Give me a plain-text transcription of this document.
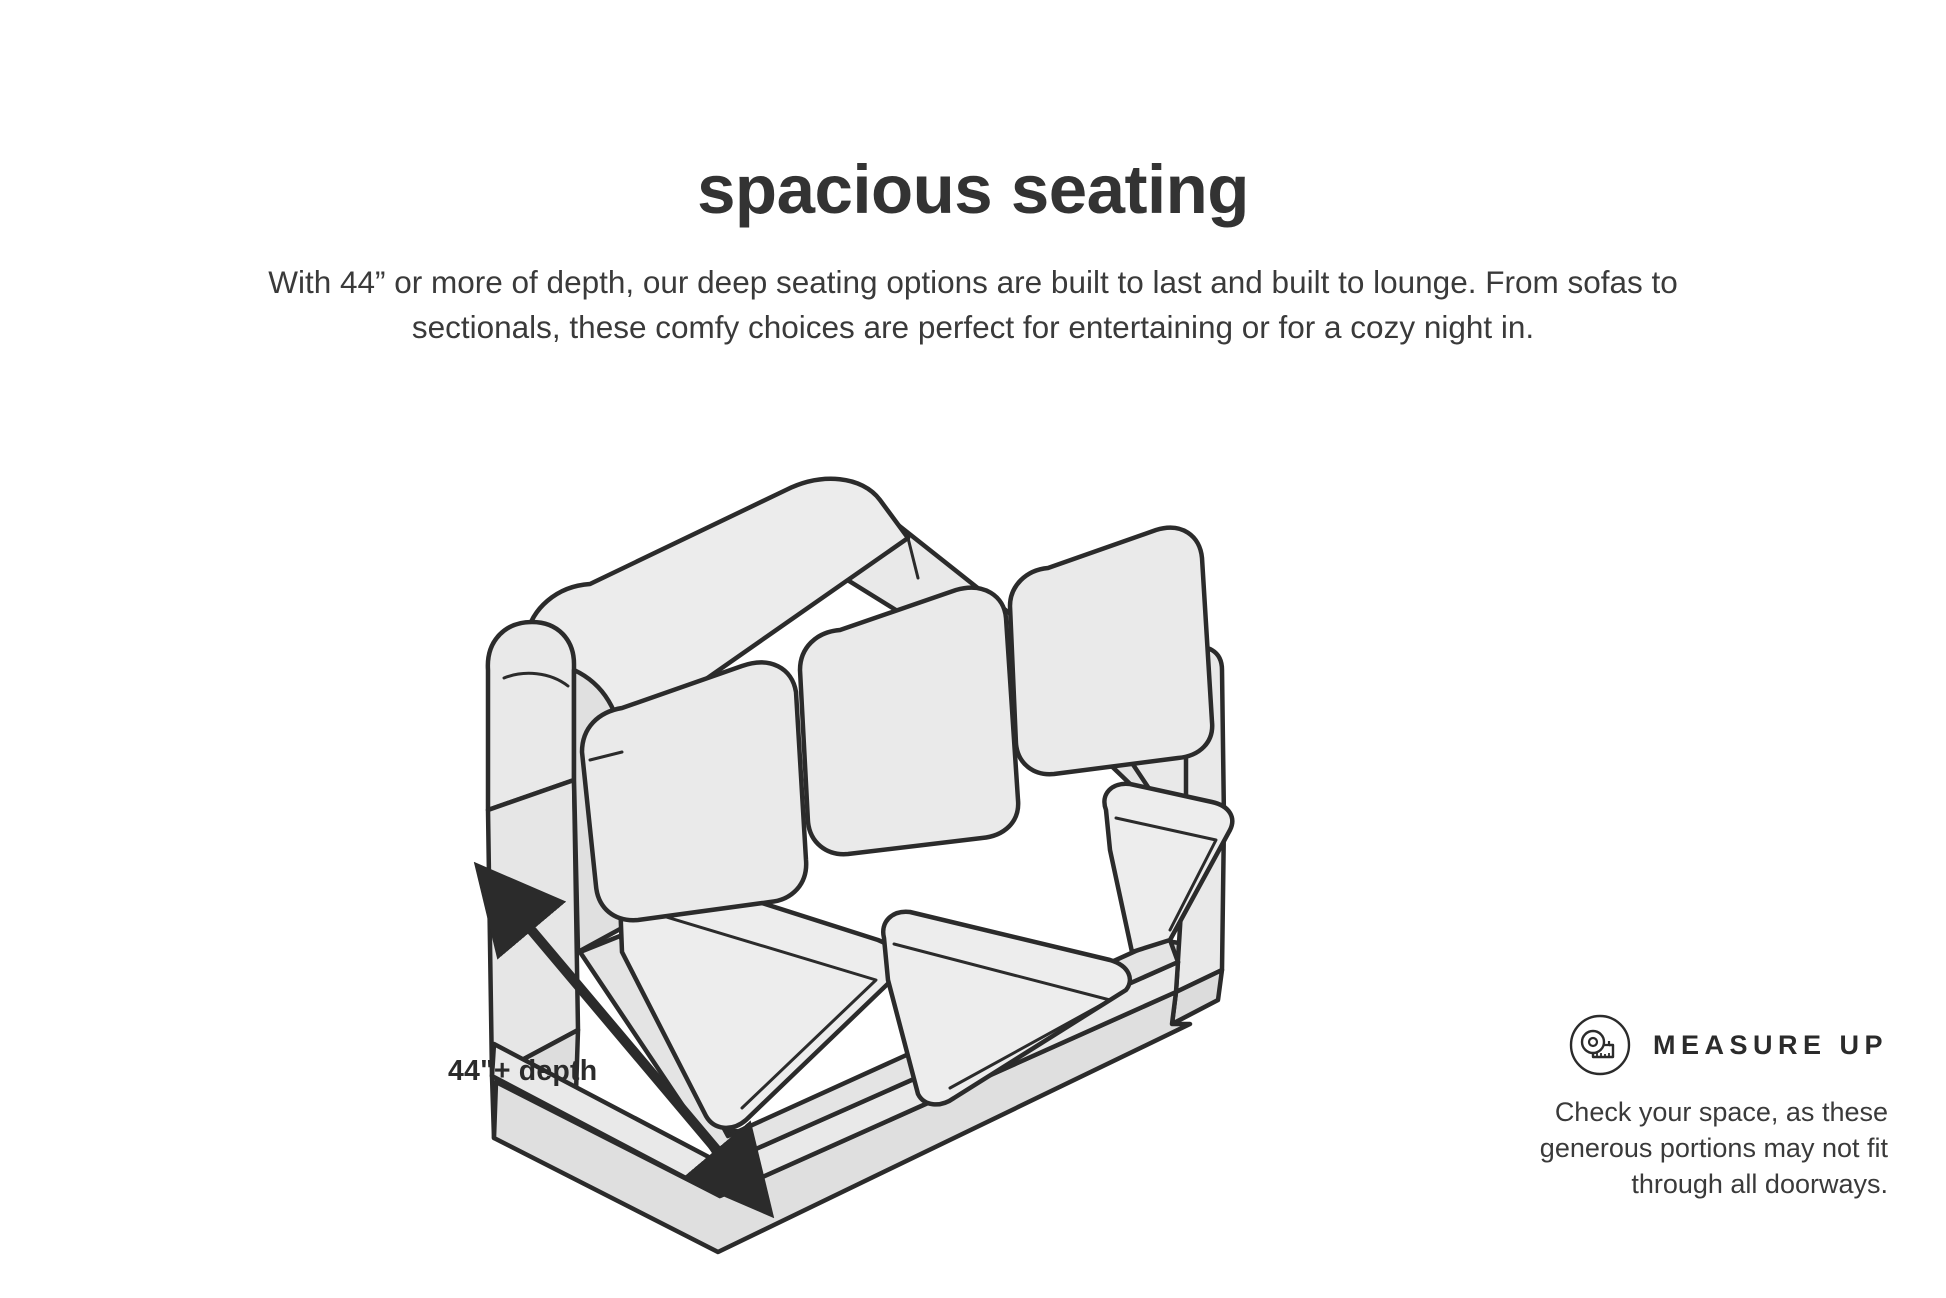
spacious seating

With 44” or more of depth, our deep seating options are built to last and built to lounge. From sofas to sectionals, these comfy choices are perfect for entertaining or for a cozy night in.

44"+ depth
MEASURE UP
Check your space, as these generous portions may not fit through all doorways.
